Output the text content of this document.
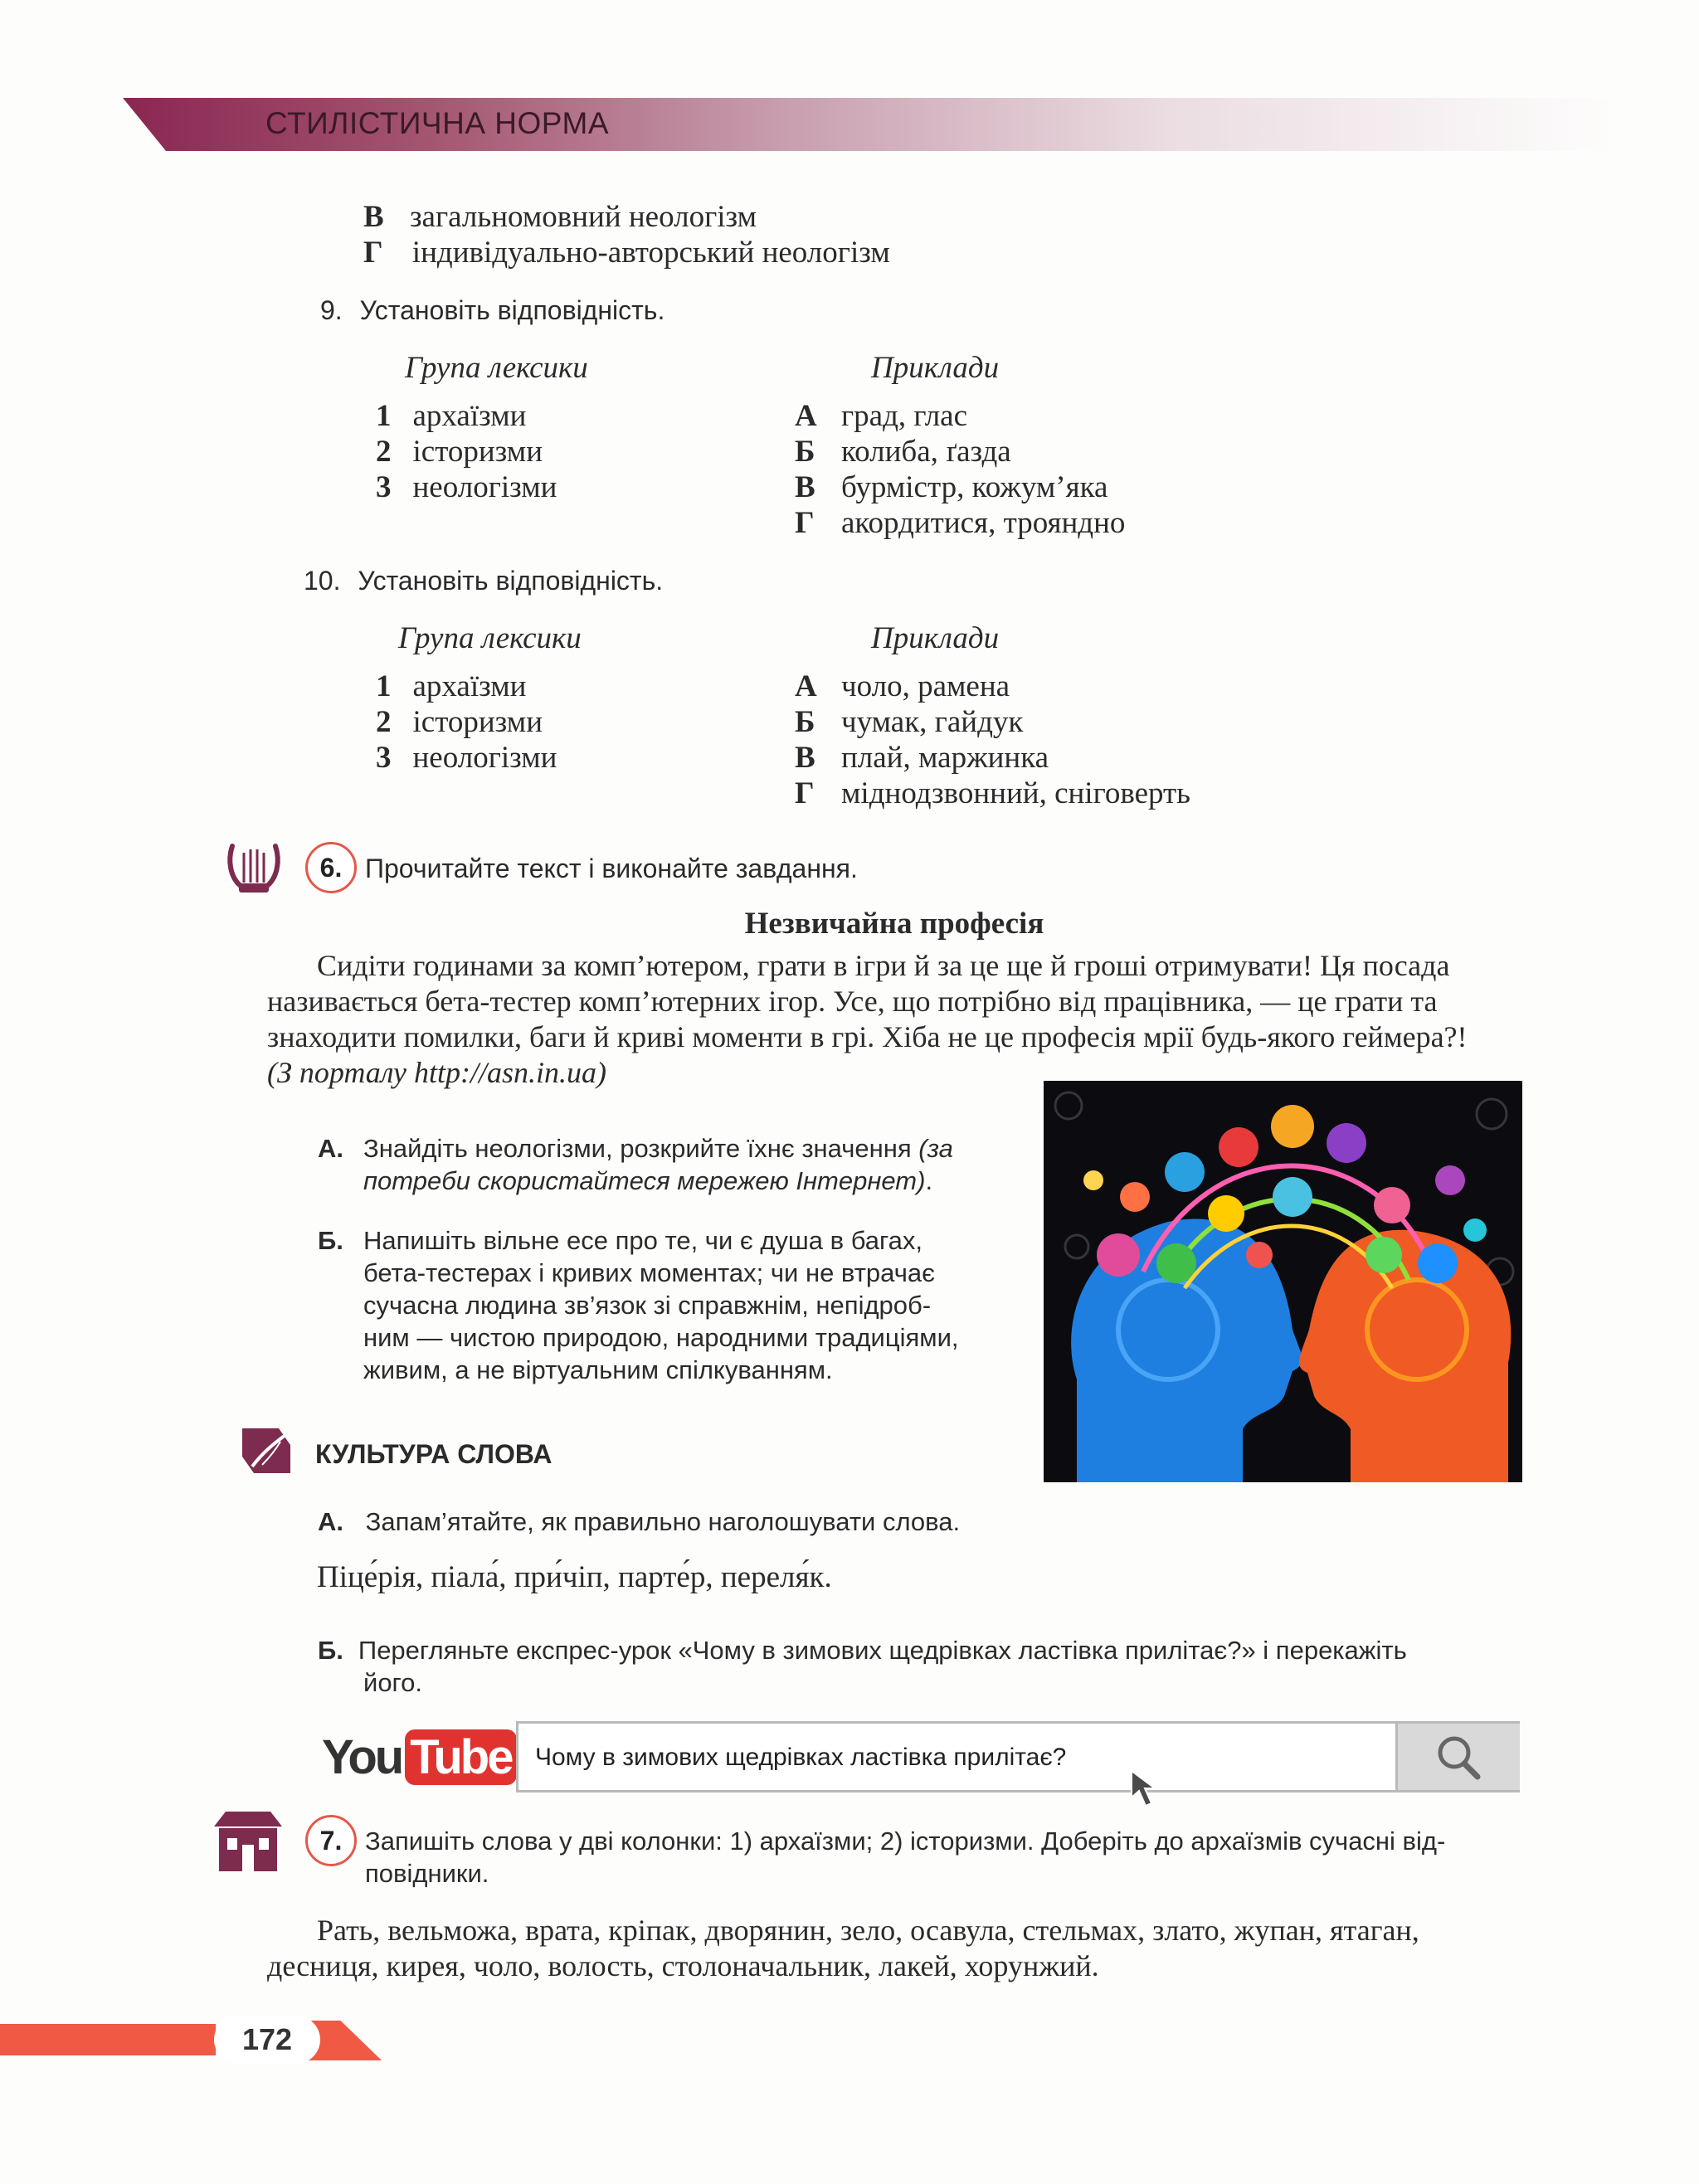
СТИЛІСТИЧНА НОРМА
В загальномовний неологізм
Г індивідуально-авторський неологізм
9. Установіть відповідність.
Група лексики	Приклади
1 архаїзми
2 історизми
3 неологізми
А град, глас
Б колиба, ґазда
В бурмістр, кожум’яка
Г акордитися, троянднo
10. Установіть відповідність.
Група лексики	Приклади
1 архаїзми
2 історизми
3 неологізми
А чоло, рамена
Б чумак, гайдук
В плай, маржинка
Г міднодзвонний, сніговерть
6. Прочитайте текст і виконайте завдання.
Незвичайна професія
Сидіти годинами за комп’ютером, грати в ігри й за це ще й гроші отримувати! Ця посада
називається бета-тестер комп’ютерних ігор. Усе, що потрібно від працівника, — це грати та
знаходити помилки, баги й криві моменти в грі. Хіба не це професія мрії будь-якого геймера?!
(З порталу http://asn.in.ua)
А. Знайдіть неологізми, розкрийте їхнє значення (за
потреби скористайтеся мережею Інтернет).
Б. Напишіть вільне есе про те, чи є душа в багах,
бета-тестерах і кривих моментах; чи не втрачає
сучасна людина зв’язок зі справжнім, непідроб-
ним — чистою природою, народними традиціями,
живим, а не віртуальним спілкуванням.
КУЛЬТУРА СЛОВА
А. Запам’ятайте, як правильно наголошувати слова.
Піце́рія, піала́, при́чіп, парте́р, переля́к.
Б. Перегляньте експрес-урок «Чому в зимових щедрівках ластівка прилітає?» і перекажіть
його.
You Tube Чому в зимових щедрівках ластівка прилітає?
7. Запишіть слова у дві колонки: 1) архаїзми; 2) історизми. Доберіть до архаїзмів сучасні від-
повідники.
Рать, вельможа, врата, кріпак, дворянин, зело, осавула, стельмах, злато, жупан, ятаган,
десниця, кирея, чоло, волость, столоначальник, лакей, хорунжий.
172
